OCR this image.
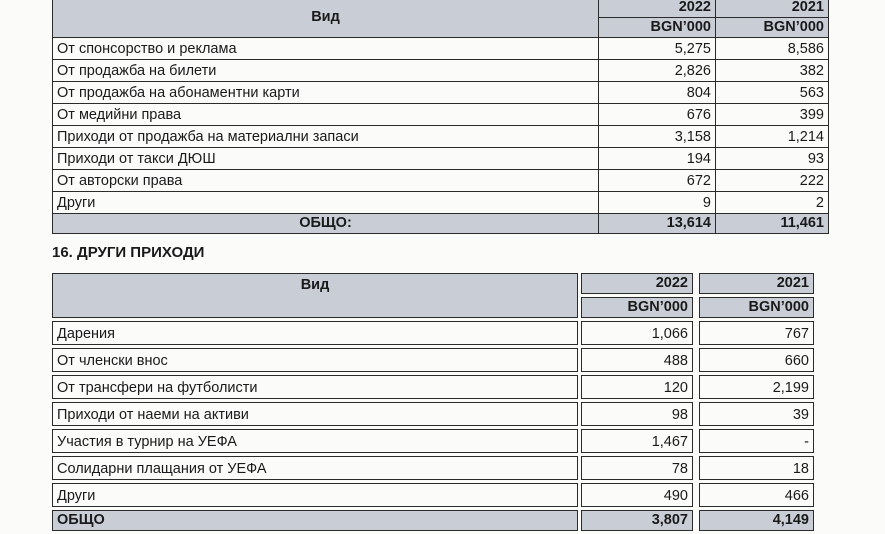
Вид	2022	2021
	BGN’000	BGN’000
От спонсорство и реклама	5,275	8,586
От продажба на билети	2,826	382
От продажба на абонаментни карти	804	563
От медийни права	676	399
Приходи от продажба на материални запаси	3,158	1,214
Приходи от такси ДЮШ	194	93
От авторски права	672	222
Други	9	2
ОБЩО:	13,614	11,461
16. ДРУГИ ПРИХОДИ
Вид		2022		2021
		BGN’000		BGN’000
Дарения		1,066		767
От членски внос		488		660
От трансфери на футболисти		120		2,199
Приходи от наеми на активи		98		39
Участия в турнир на УЕФА		1,467		-
Солидарни плащания от УЕФА		78		18
Други		490		466
ОБЩО		3,807		4,149
